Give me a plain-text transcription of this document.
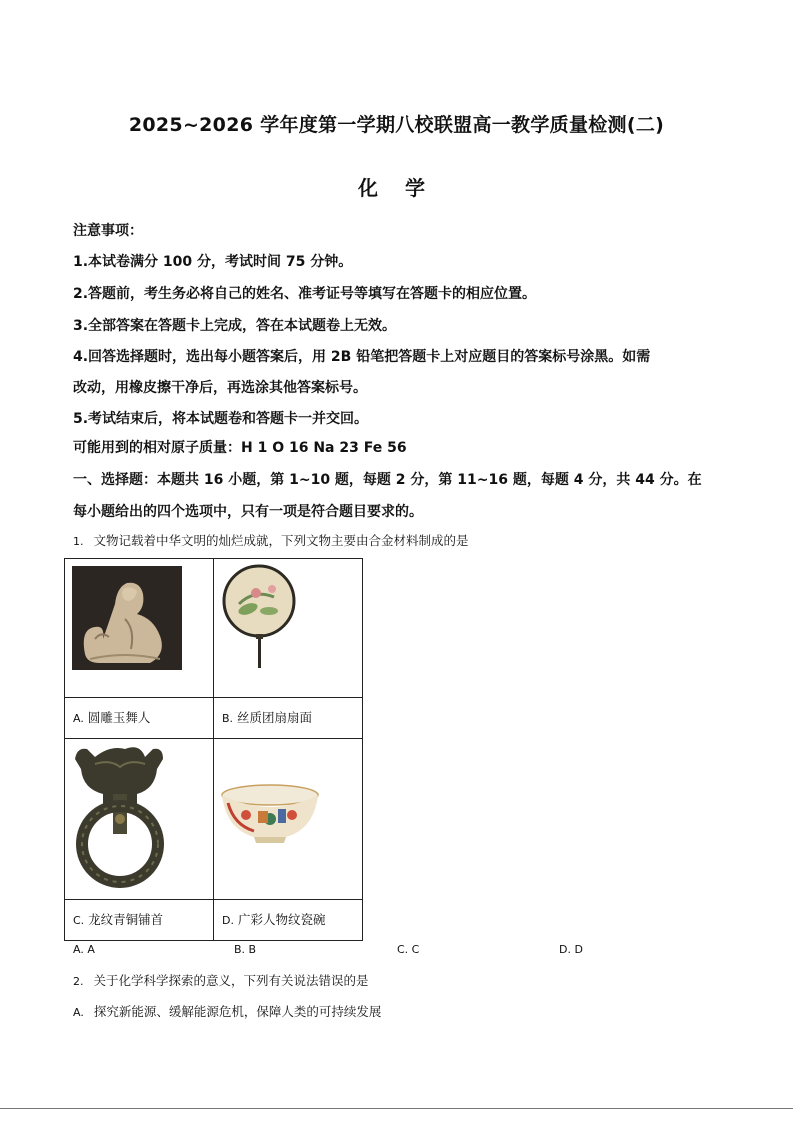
2025~2026 学年度第一学期八校联盟高一教学质量检测(二)
化 学
注意事项：
1.本试卷满分 100 分，考试时间 75 分钟。
2.答题前，考生务必将自己的姓名、准考证号等填写在答题卡的相应位置。
3.全部答案在答题卡上完成，答在本试题卷上无效。
4.回答选择题时，选出每小题答案后，用 2B 铅笔把答题卡上对应题目的答案标号涂黑。如需
改动，用橡皮擦干净后，再选涂其他答案标号。
5.考试结束后，将本试题卷和答题卡一并交回。
可能用到的相对原子质量：H 1 O 16 Na 23 Fe 56
一、选择题：本题共 16 小题，第 1~10 题，每题 2 分，第 11~16 题，每题 4 分，共 44 分。在
每小题给出的四个选项中，只有一项是符合题目要求的。
1. 文物记载着中华文明的灿烂成就，下列文物主要由合金材料制成的是

A. 圆雕玉舞人	B. 丝质团扇扇面

C. 龙纹青铜铺首	D. 广彩人物纹瓷碗
A. A	B. B	C. C	D. D
2. 关于化学科学探索的意义，下列有关说法错误的是
A. 探究新能源、缓解能源危机，保障人类的可持续发展
